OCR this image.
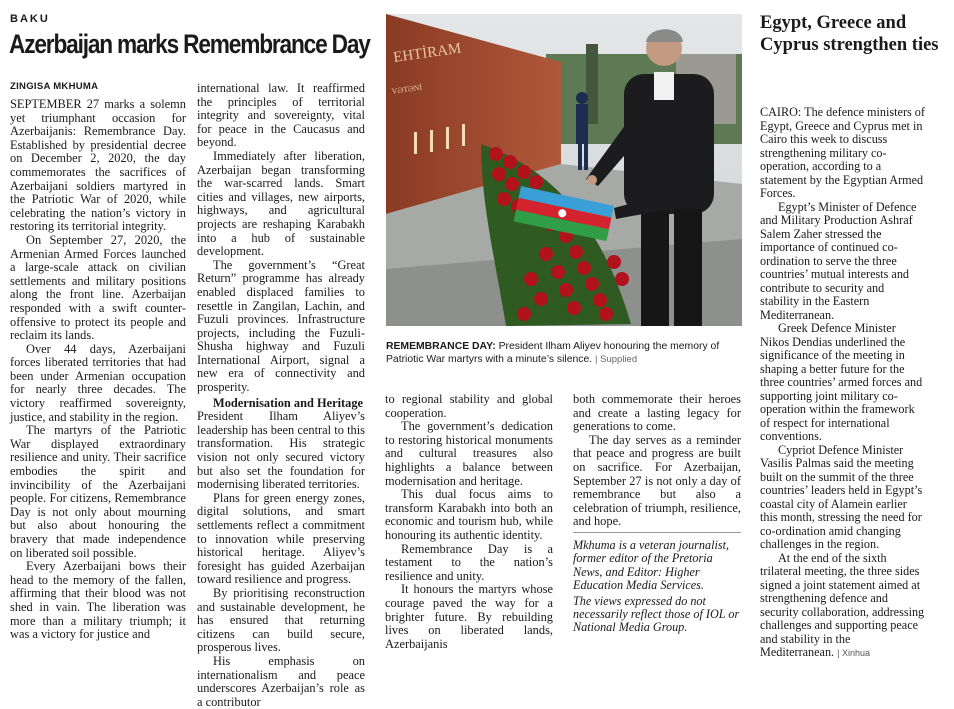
BAKU
Azerbaijan marks Remembrance Day
ZINGISA MKHUMA

SEPTEMBER 27 marks a solemn yet triumphant occasion for Azerbaijanis: Remembrance Day. Established by presidential decree on December 2, 2020, the day commemorates the sacrifices of Azerbaijani soldiers martyred in the Patriotic War of 2020, while celebrating the nation’s victory in restoring its territorial integrity.

On September 27, 2020, the Armenian Armed Forces launched a large-scale attack on civilian settlements and military positions along the front line. Azerbaijan responded with a swift counter-offensive to protect its people and reclaim its lands.

Over 44 days, Azerbaijani forces liberated territories that had been under Armenian occupation for nearly three decades. The victory reaffirmed sovereignty, justice, and stability in the region.

The martyrs of the Patriotic War displayed extraordinary resilience and unity. Their sacrifice embodies the spirit and invincibility of the Azerbaijani people. For citizens, Remembrance Day is not only about mourning but also about honouring the bravery that made independence on liberated soil possible.

Every Azerbaijani bows their head to the memory of the fallen, affirming that their blood was not shed in vain. The liberation was more than a military triumph; it was a victory for justice and

international law. It reaffirmed the principles of territorial integrity and sovereignty, vital for peace in the Caucasus and beyond.

Immediately after liberation, Azerbaijan began transforming the war-scarred lands. Smart cities and villages, new airports, highways, and agricultural projects are reshaping Karabakh into a hub of sustainable development.

The government’s “Great Return” programme has already enabled displaced families to resettle in Zangilan, Lachin, and Fuzuli provinces. Infrastructure projects, including the Fuzuli-Shusha highway and Fuzuli International Airport, signal a new era of connectivity and prosperity.

Modernisation and Heritage

President Ilham Aliyev’s leadership has been central to this transformation. His strategic vision not only secured victory but also set the foundation for modernising liberated territories.

Plans for green energy zones, digital solutions, and smart settlements reflect a commitment to innovation while preserving historical heritage. Aliyev’s foresight has guided Azerbaijan toward resilience and progress.

By prioritising reconstruction and sustainable development, he has ensured that returning citizens can build secure, prosperous lives.

His emphasis on internationalism and peace underscores Azerbaijan’s role as a contributor

EHTİRAM
VƏTƏNİ
REMEMBRANCE DAY: President Ilham Aliyev honouring the memory of Patriotic War martyrs with a minute’s silence. | Supplied

to regional stability and global cooperation.

The government’s dedication to restoring historical monuments and cultural treasures also highlights a balance between modernisation and heritage.

This dual focus aims to transform Karabakh into both an economic and tourism hub, while honouring its authentic identity.

Remembrance Day is a testament to the nation’s resilience and unity.

It honours the martyrs whose courage paved the way for a brighter future. By rebuilding lives on liberated lands, Azerbaijanis

both commemorate their heroes and create a lasting legacy for generations to come.

The day serves as a reminder that peace and progress are built on sacrifice. For Azerbaijan, September 27 is not only a day of remembrance but also a celebration of triumph, resilience, and hope.

Mkhuma is a veteran journalist, former editor of the Pretoria News, and Editor: Higher Education Media Services.

The views expressed do not necessarily reflect those of IOL or National Media Group.

Egypt, Greece and Cyprus strengthen ties

CAIRO: The defence ministers of Egypt, Greece and Cyprus met in Cairo this week to discuss strengthening military co-operation, according to a statement by the Egyptian Armed Forces.

Egypt’s Minister of Defence and Military Production Ashraf Salem Zaher stressed the importance of continued co-ordination to serve the three countries’ mutual interests and contribute to security and stability in the Eastern Mediterranean.

Greek Defence Minister Nikos Dendias underlined the significance of the meeting in shaping a better future for the three countries’ armed forces and supporting joint military co-operation within the framework of respect for international conventions.

Cypriot Defence Minister Vasilis Palmas said the meeting built on the summit of the three countries’ leaders held in Egypt’s coastal city of Alamein earlier this month, stressing the need for co-ordination amid changing challenges in the region.

At the end of the sixth trilateral meeting, the three sides signed a joint statement aimed at strengthening defence and security collaboration, addressing challenges and supporting peace and stability in the Mediterranean. | Xinhua
